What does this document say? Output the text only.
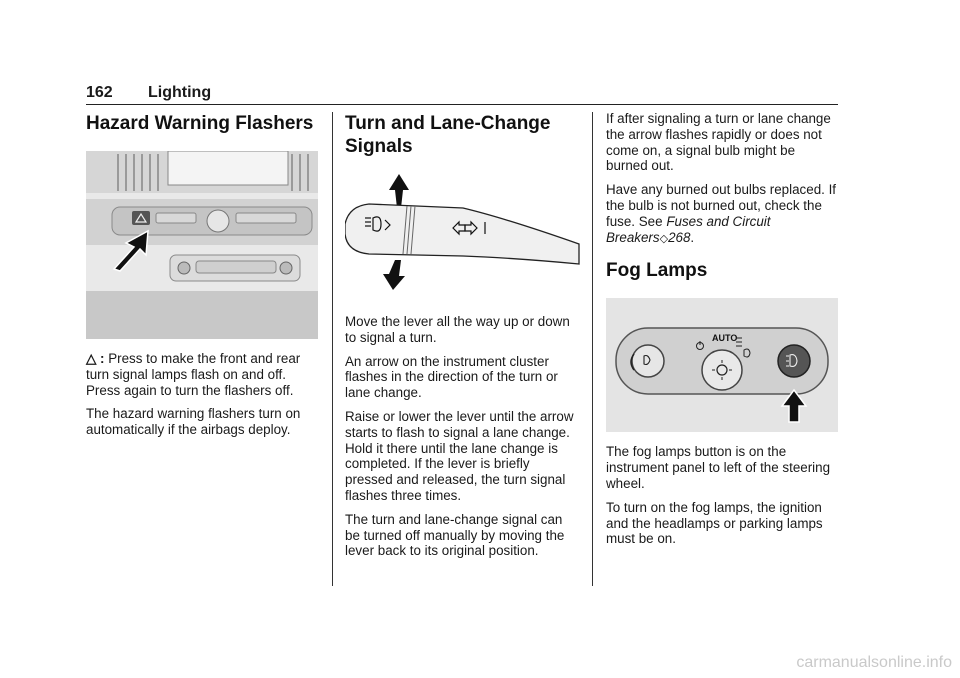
162 Lighting
Hazard Warning Flashers

△ : Press to make the front and rear turn signal lamps flash on and off. Press again to turn the flashers off.

The hazard warning flashers turn on automatically if the airbags deploy.

Turn and Lane-Change
Signals

Move the lever all the way up or down to signal a turn.

An arrow on the instrument cluster flashes in the direction of the turn or lane change.

Raise or lower the lever until the arrow starts to flash to signal a lane change. Hold it there until the lane change is completed. If the lever is briefly pressed and released, the turn signal flashes three times.

The turn and lane-change signal can be turned off manually by moving the lever back to its original position.

If after signaling a turn or lane change the arrow flashes rapidly or does not come on, a signal bulb might be burned out.

Have any burned out bulbs replaced. If the bulb is not burned out, check the fuse. See Fuses and Circuit Breakers◇268.

Fog Lamps
AUTO

The fog lamps button is on the instrument panel to left of the steering wheel.

To turn on the fog lamps, the ignition and the headlamps or parking lamps must be on.

carmanualsonline.info
